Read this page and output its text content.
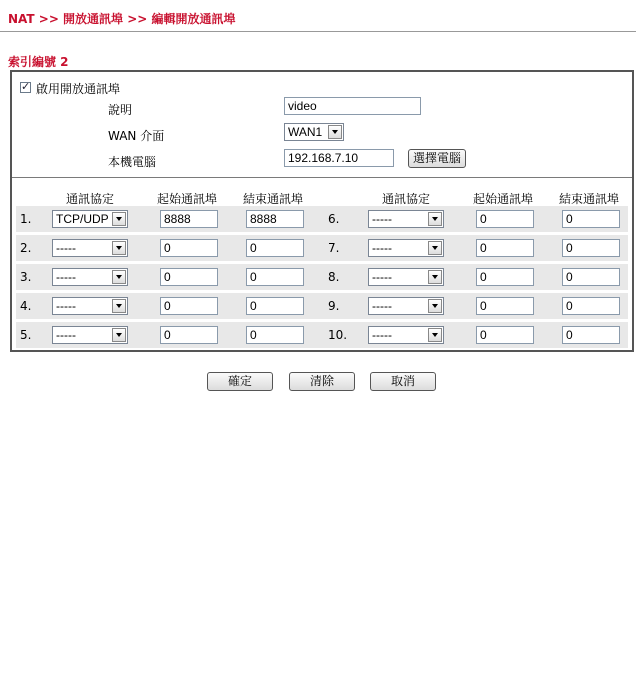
NAT >> 開放通訊埠 >> 編輯開放通訊埠
索引編號 2
✓
啟用開放通訊埠
說明	video
WAN 介面	WAN1
本機電腦	192.168.7.10	選擇電腦
通訊協定	起始通訊埠	結束通訊埠	通訊協定	起始通訊埠	結束通訊埠
1. TCP/UDP	8888	8888	6.	-----	0	0
2. -----	0	0	7.	-----	0	0
3. -----	0	0	8.	-----	0	0
4. -----	0	0	9.	-----	0	0
5. -----	0	0	10. -----	0	0
確定	清除	取消
